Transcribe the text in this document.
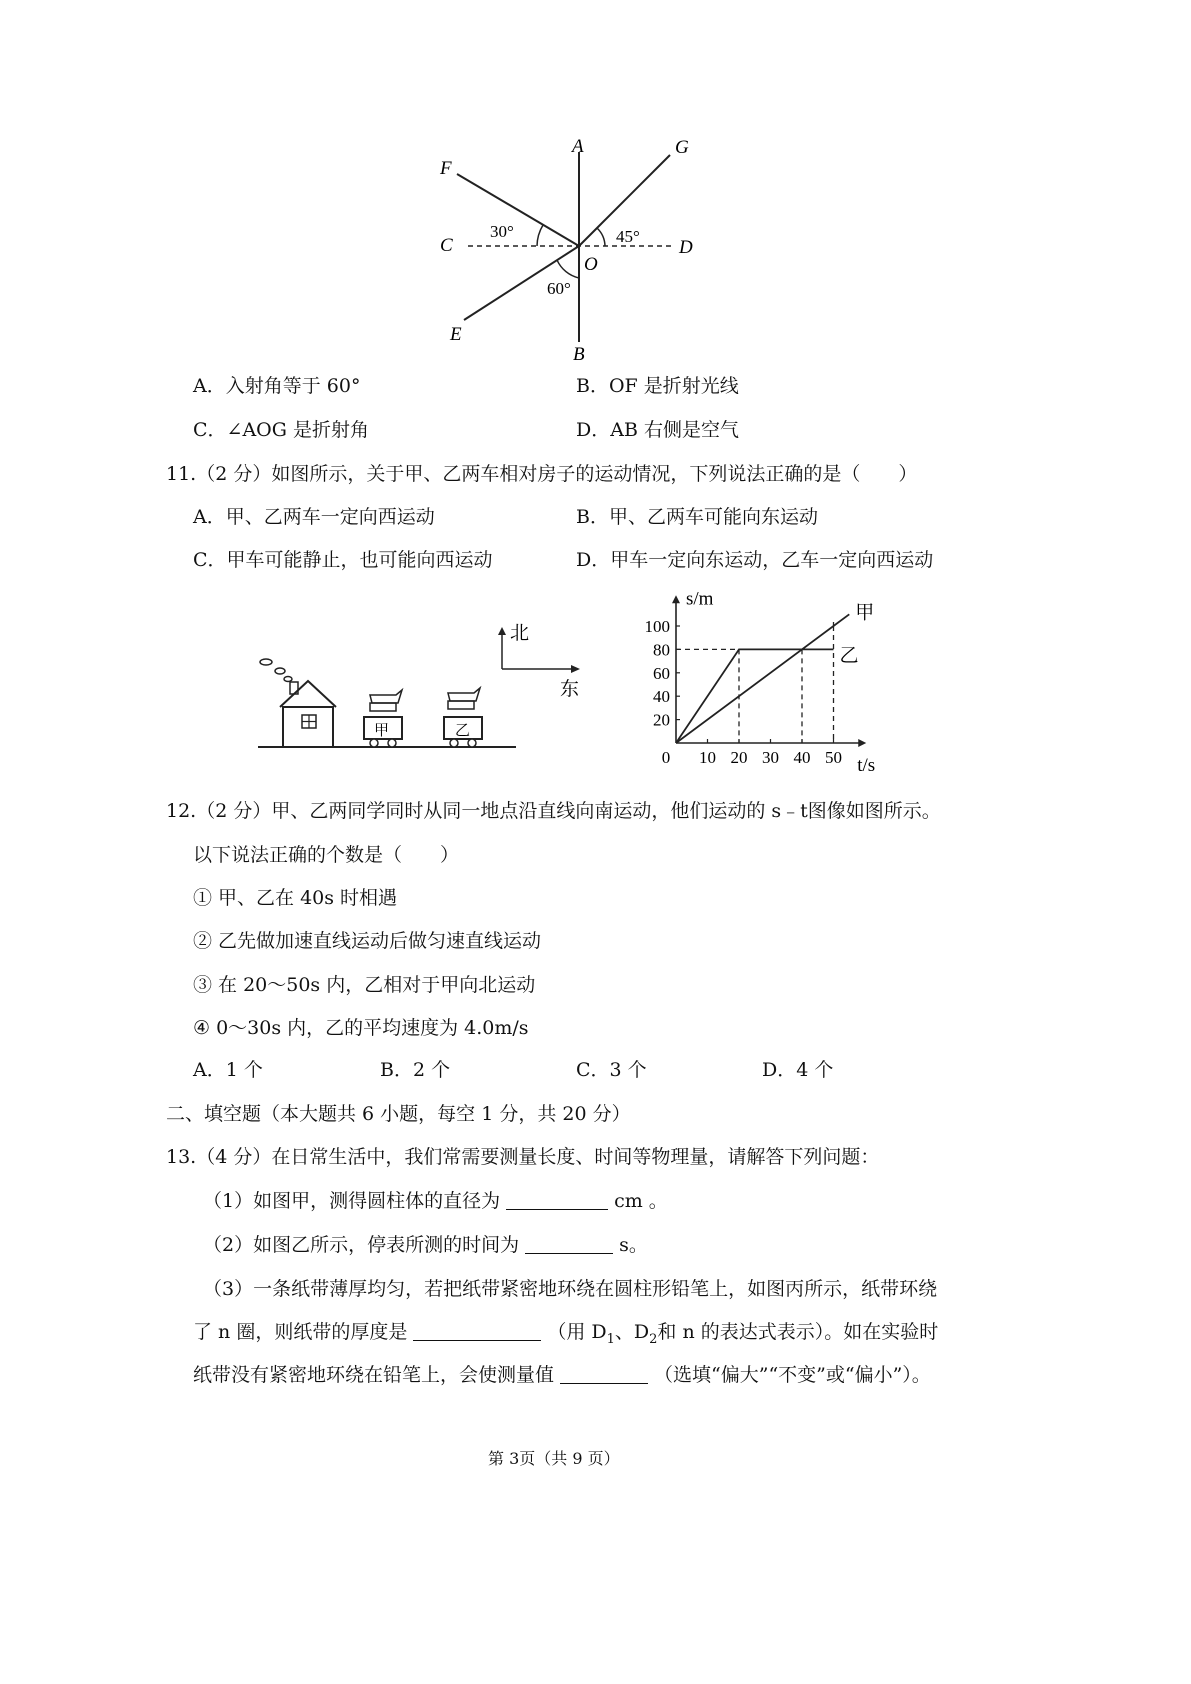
A	G
F
C	D
O
E
B
30°	45°
60°
A．入射角等于 60°	B．OF 是折射光线
C．∠AOG 是折射角	D．AB 右侧是空气
11.（2 分）如图所示，关于甲、乙两车相对房子的运动情况，下列说法正确的是（　　）
A．甲、乙两车一定向西运动	B．甲、乙两车可能向东运动
C．甲车可能静止，也可能向西运动	D．甲车一定向东运动，乙车一定向西运动
甲	乙
北
东
s/m
t/s
0 10 20 30 40 50
20
40
60
80
100
甲
乙
12.（2 分）甲、乙两同学同时从同一地点沿直线向南运动，他们运动的 s﹣t图像如图所示。
以下说法正确的个数是（　　）
① 甲、乙在 40s 时相遇
② 乙先做加速直线运动后做匀速直线运动
③ 在 20～50s 内，乙相对于甲向北运动
④ 0～30s 内，乙的平均速度为 4.0m/s
A．1 个	B．2 个	C．3 个	D．4 个
二、填空题（本大题共 6 小题，每空 1 分，共 20 分）
13.（4 分）在日常生活中，我们常需要测量长度、时间等物理量，请解答下列问题：
（1）如图甲，测得圆柱体的直径为	cm 。
（2）如图乙所示，停表所测的时间为	s。
（3）一条纸带薄厚均匀，若把纸带紧密地环绕在圆柱形铅笔上，如图丙所示，纸带环绕
了 n 圈，则纸带的厚度是	（用 $D_1$、$D_2$和 n 的表达式表示）。如在实验时
纸带没有紧密地环绕在铅笔上，会使测量值	（选填“偏大”“不变”或“偏小”）。
第 3页（共 9 页）
